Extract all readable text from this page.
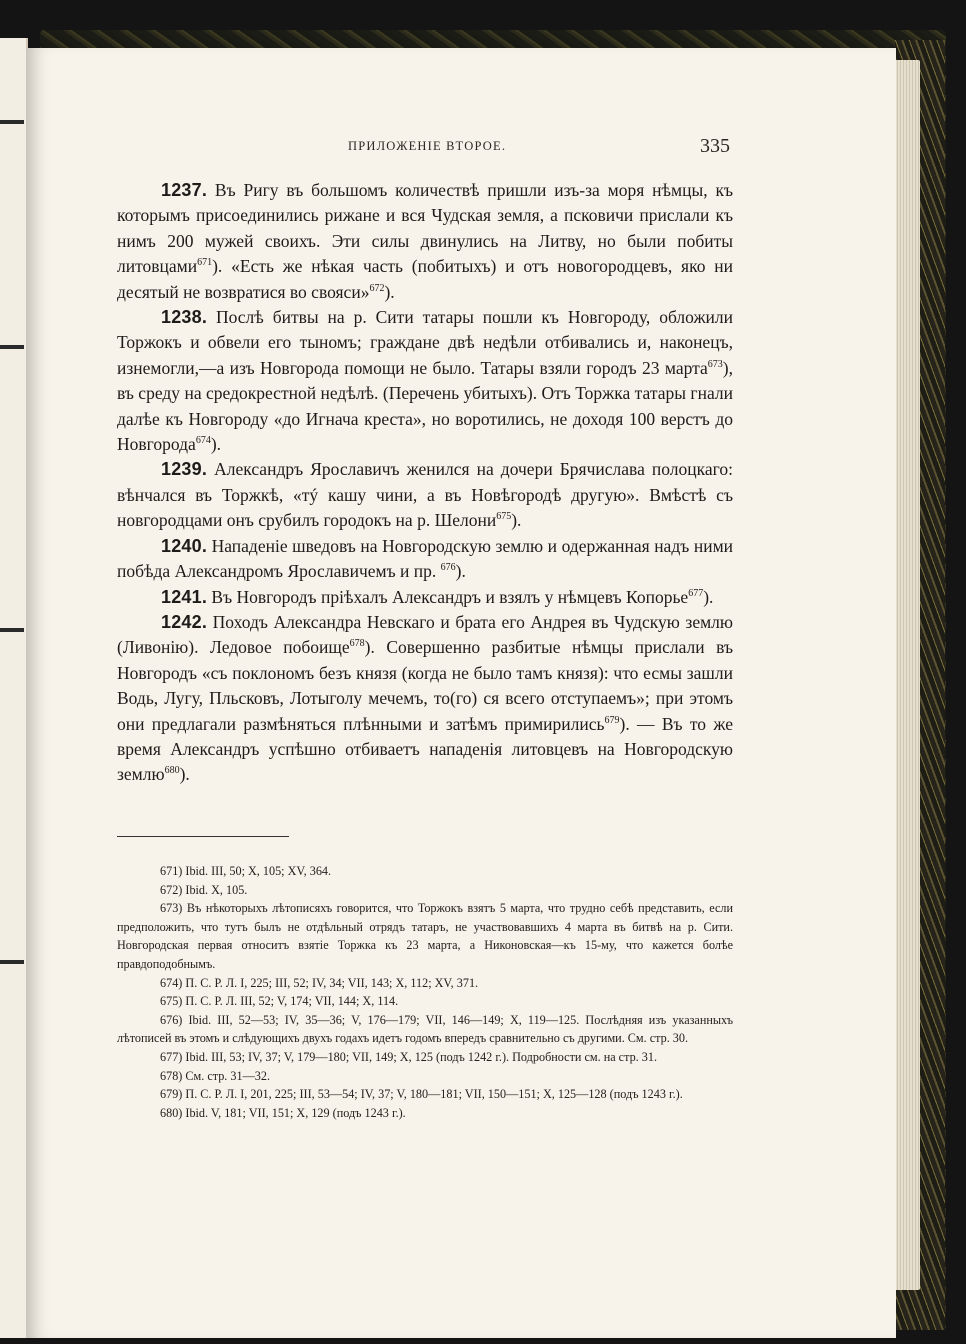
ПРИЛОЖЕНІЕ ВТОРОЕ.	335

1237. Въ Ригу въ большомъ количествѣ пришли изъ-за моря нѣмцы, къ которымъ присоединились рижане и вся Чудская земля, а псковичи прислали къ нимъ 200 мужей своихъ. Эти силы двинулись на Литву, но были побиты литовцами$^{671}$). «Есть же нѣкая часть (побитыхъ) и отъ новогородцевъ, яко ни десятый не возвратися во свояси»$^{672}$).

1238. Послѣ битвы на р. Сити татары пошли къ Новгороду, обложили Торжокъ и обвели его тыномъ; граждане двѣ недѣли отбивались и, наконецъ, изнемогли,—а изъ Новгорода помощи не было. Татары взяли городъ 23 марта$^{673}$), въ среду на средокрестной недѣлѣ. (Перечень убитыхъ). Отъ Торжка татары гнали далѣе къ Новгороду «до Игнача креста», но воротились, не доходя 100 верстъ до Новгорода$^{674}$).

1239. Александръ Ярославичъ женился на дочери Брячислава полоцкаго: вѣнчался въ Торжкѣ, «тý кашу чини, а въ Новѣгородѣ другую». Вмѣстѣ съ новгородцами онъ срубилъ городокъ на р. Шелони$^{675}$).

1240. Нападеніе шведовъ на Новгородскую землю и одержанная надъ ними побѣда Александромъ Ярославичемъ и пр. $^{676}$).

1241. Въ Новгородъ пріѣхалъ Александръ и взялъ у нѣмцевъ Копорье$^{677}$).

1242. Походъ Александра Невскаго и брата его Андрея въ Чудскую землю (Ливонію). Ледовое побоище$^{678}$). Совершенно разбитые нѣмцы прислали въ Новгородъ «съ поклономъ безъ князя (когда не было тамъ князя): что есмы зашли Водь, Лугу, Пльсковъ, Лотыголу мечемъ, то(го) ся всего отступаемъ»; при этомъ они предлагали размѣняться плѣнными и затѣмъ примирились$^{679}$). — Въ то же время Александръ успѣшно отбиваетъ нападенія литовцевъ на Новгородскую землю$^{680}$).

671) Ibid. III, 50; X, 105; XV, 364.

672) Ibid. X, 105.

673) Въ нѣкоторыхъ лѣтописяхъ говорится, что Торжокъ взятъ 5 марта, что трудно себѣ представить, если предположить, что тутъ былъ не отдѣльный отрядъ татаръ, не участвовавшихъ 4 марта въ битвѣ на р. Сити. Новгородская первая относитъ взятіе Торжка къ 23 марта, а Никоновская—къ 15-му, что кажется болѣе правдоподобнымъ.

674) П. С. Р. Л. I, 225; III, 52; IV, 34; VII, 143; X, 112; XV, 371.

675) П. С. Р. Л. III, 52; V, 174; VII, 144; X, 114.

676) Ibid. III, 52—53; IV, 35—36; V, 176—179; VII, 146—149; X, 119—125. Послѣдняя изъ указанныхъ лѣтописей въ этомъ и слѣдующихъ двухъ годахъ идетъ годомъ впередъ сравнительно съ другими. См. стр. 30.

677) Ibid. III, 53; IV, 37; V, 179—180; VII, 149; X, 125 (подъ 1242 г.). Подробности см. на стр. 31.

678) См. стр. 31—32.

679) П. С. Р. Л. I, 201, 225; III, 53—54; IV, 37; V, 180—181; VII, 150—151; X, 125—128 (подъ 1243 г.).

680) Ibid. V, 181; VII, 151; X, 129 (подъ 1243 г.).
